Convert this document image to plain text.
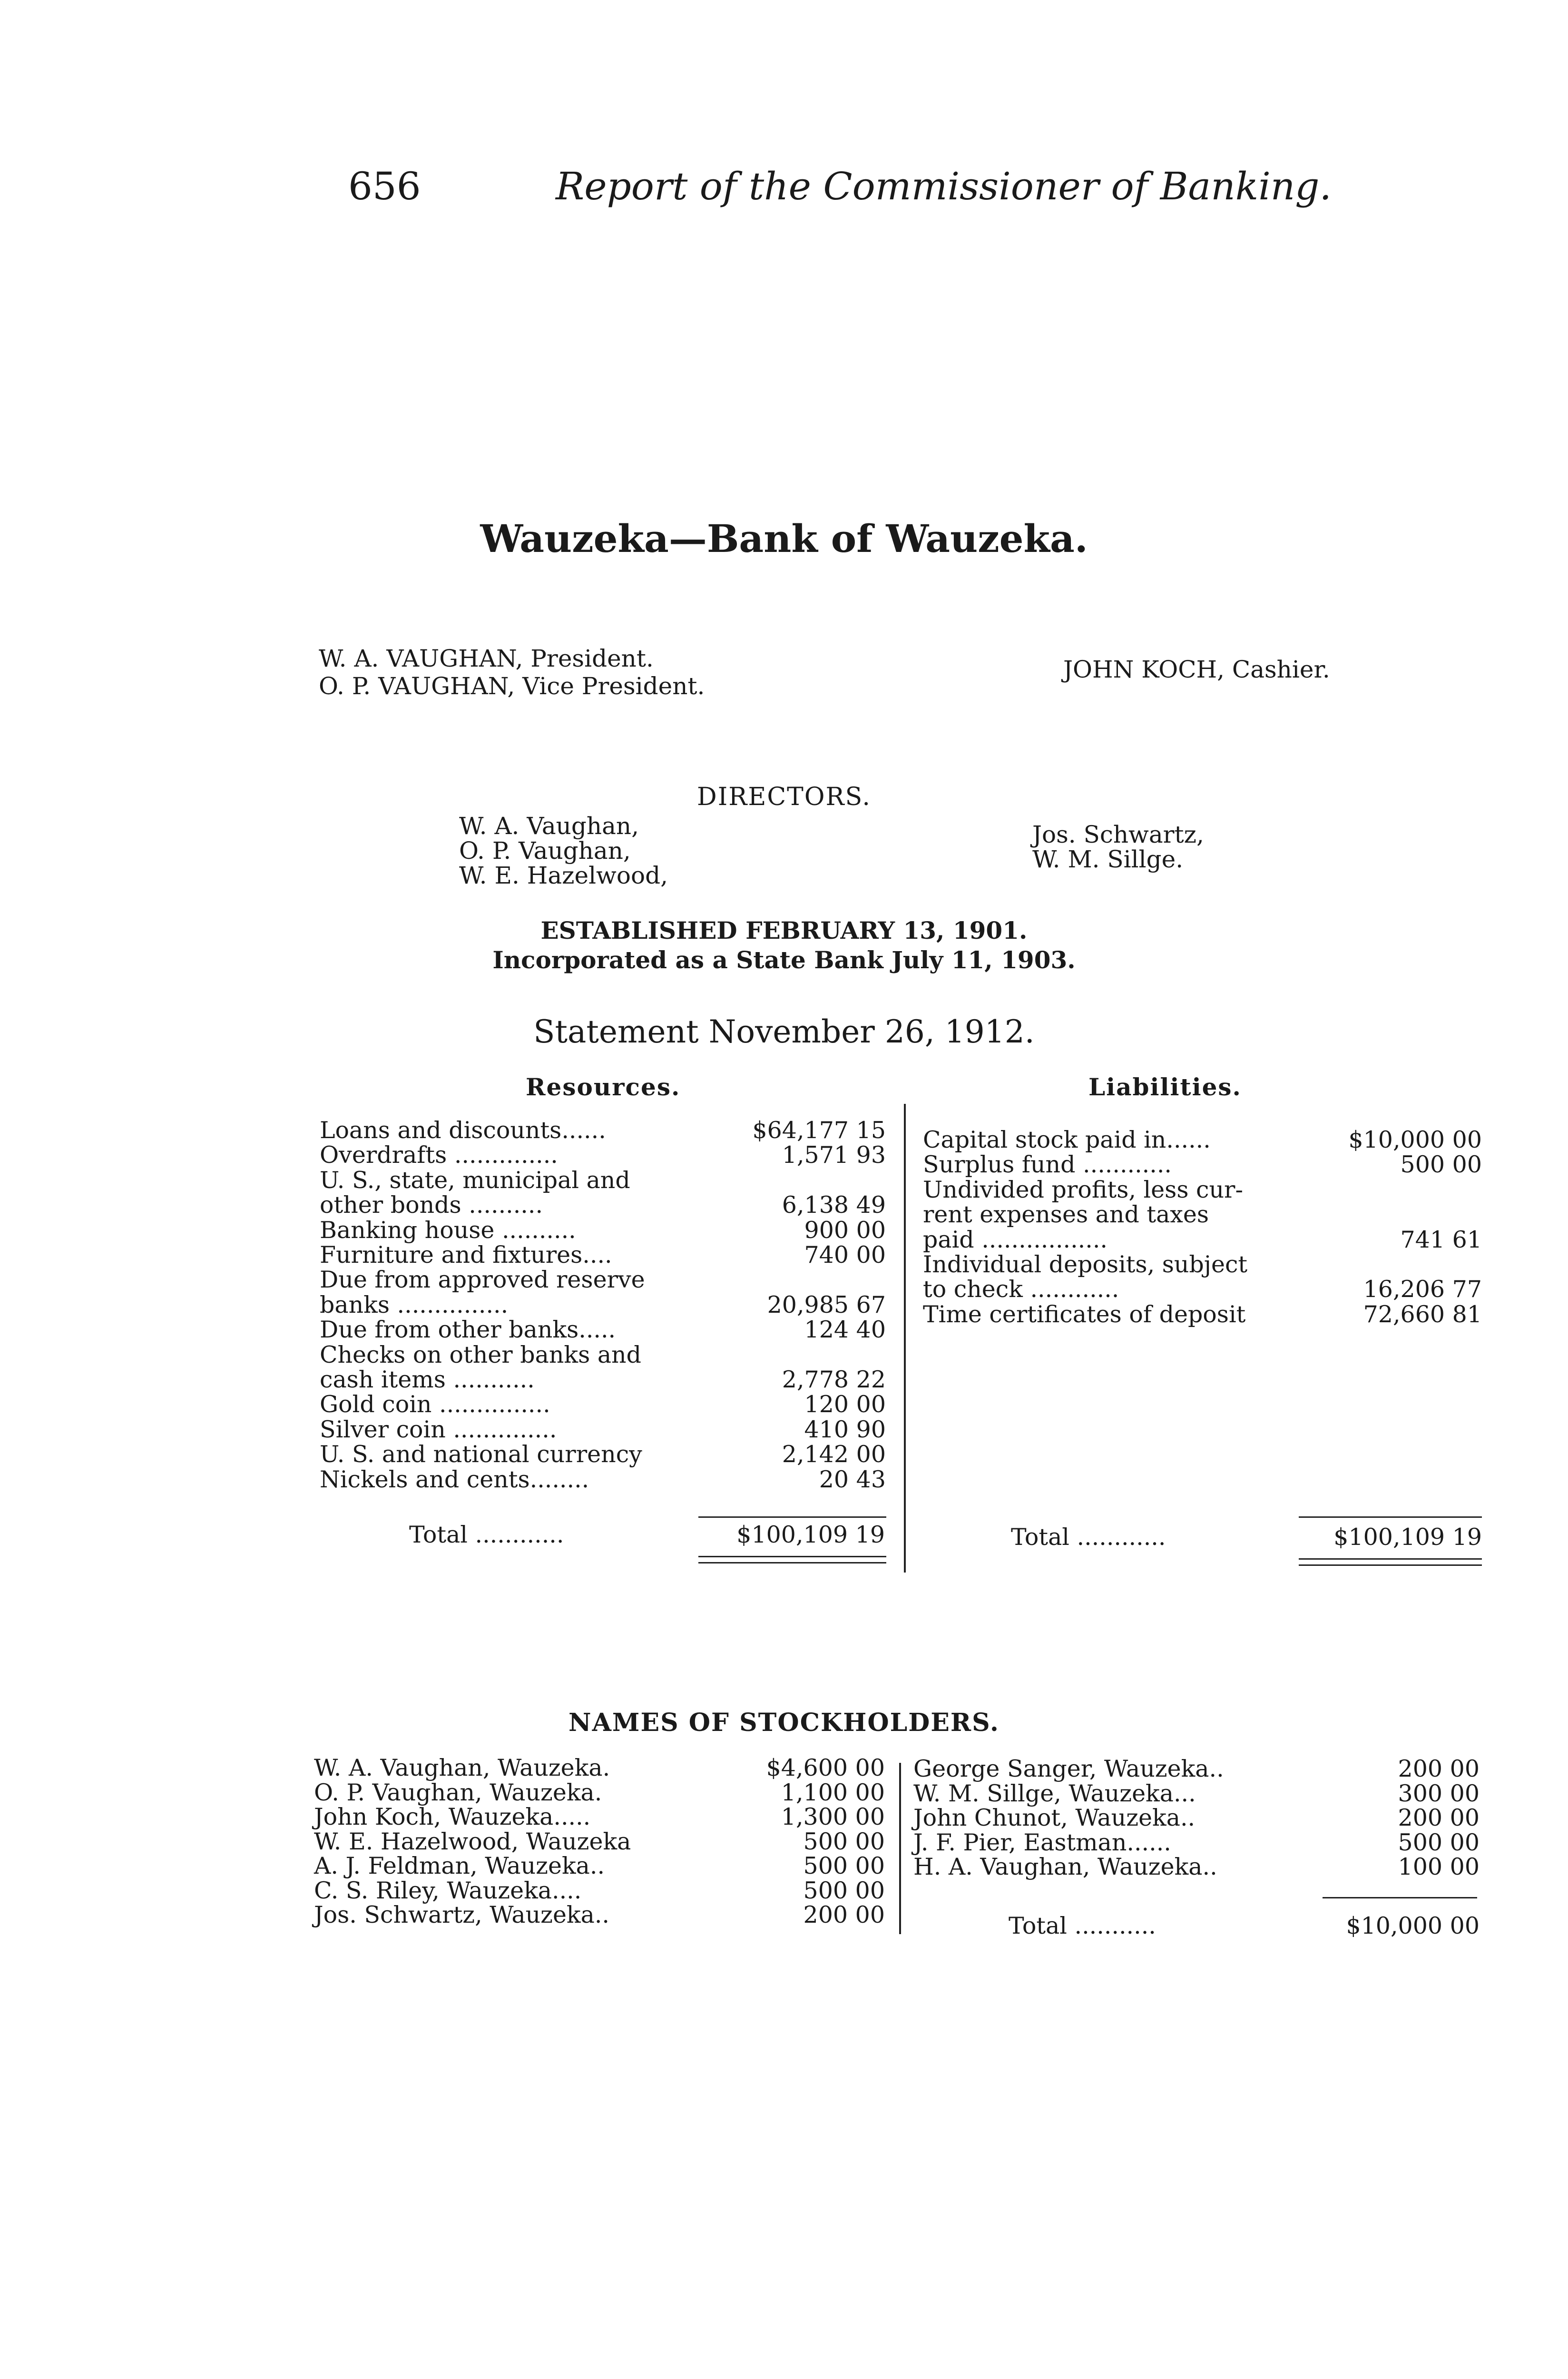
656	Report of the Commissioner of Banking.
Wauzeka—Bank of Wauzeka.
W. A. VAUGHAN, President.
O. P. VAUGHAN, Vice President.
JOHN KOCH, Cashier.
DIRECTORS.
W. A. Vaughan,
O. P. Vaughan,
W. E. Hazelwood,
Jos. Schwartz,
W. M. Sillge.
ESTABLISHED FEBRUARY 13, 1901.
Incorporated as a State Bank July 11, 1903.
Statement November 26, 1912.
Resources.	Liabilities.
Loans and discounts......	$64,177 15
Overdrafts ..............	1,571 93
U. S., state, municipal and
other bonds ..........	6,138 49
Banking house ..........	900 00
Furniture and fixtures....	740 00
Due from approved reserve
banks ...............	20,985 67
Due from other banks.....	124 40
Checks on other banks and
cash items ...........	2,778 22
Gold coin ...............	120 00
Silver coin ..............	410 90
U. S. and national currency	2,142 00
Nickels and cents........	20 43
Capital stock paid in......	$10,000 00
Surplus fund ............	500 00
Undivided profits, less cur-
rent expenses and taxes
paid .................	741 61
Individual deposits, subject
to check ............	16,206 77
Time certificates of deposit	72,660 81
Total ............	$100,109 19	Total ............	$100,109 19
NAMES OF STOCKHOLDERS.
W. A. Vaughan, Wauzeka.	$4,600 00
O. P. Vaughan, Wauzeka.	1,100 00
John Koch, Wauzeka.....	1,300 00
W. E. Hazelwood, Wauzeka	500 00
A. J. Feldman, Wauzeka..	500 00
C. S. Riley, Wauzeka....	500 00
Jos. Schwartz, Wauzeka..	200 00
George Sanger, Wauzeka..	200 00
W. M. Sillge, Wauzeka...	300 00
John Chunot, Wauzeka..	200 00
J. F. Pier, Eastman......	500 00
H. A. Vaughan, Wauzeka..	100 00
Total ...........	$10,000 00
